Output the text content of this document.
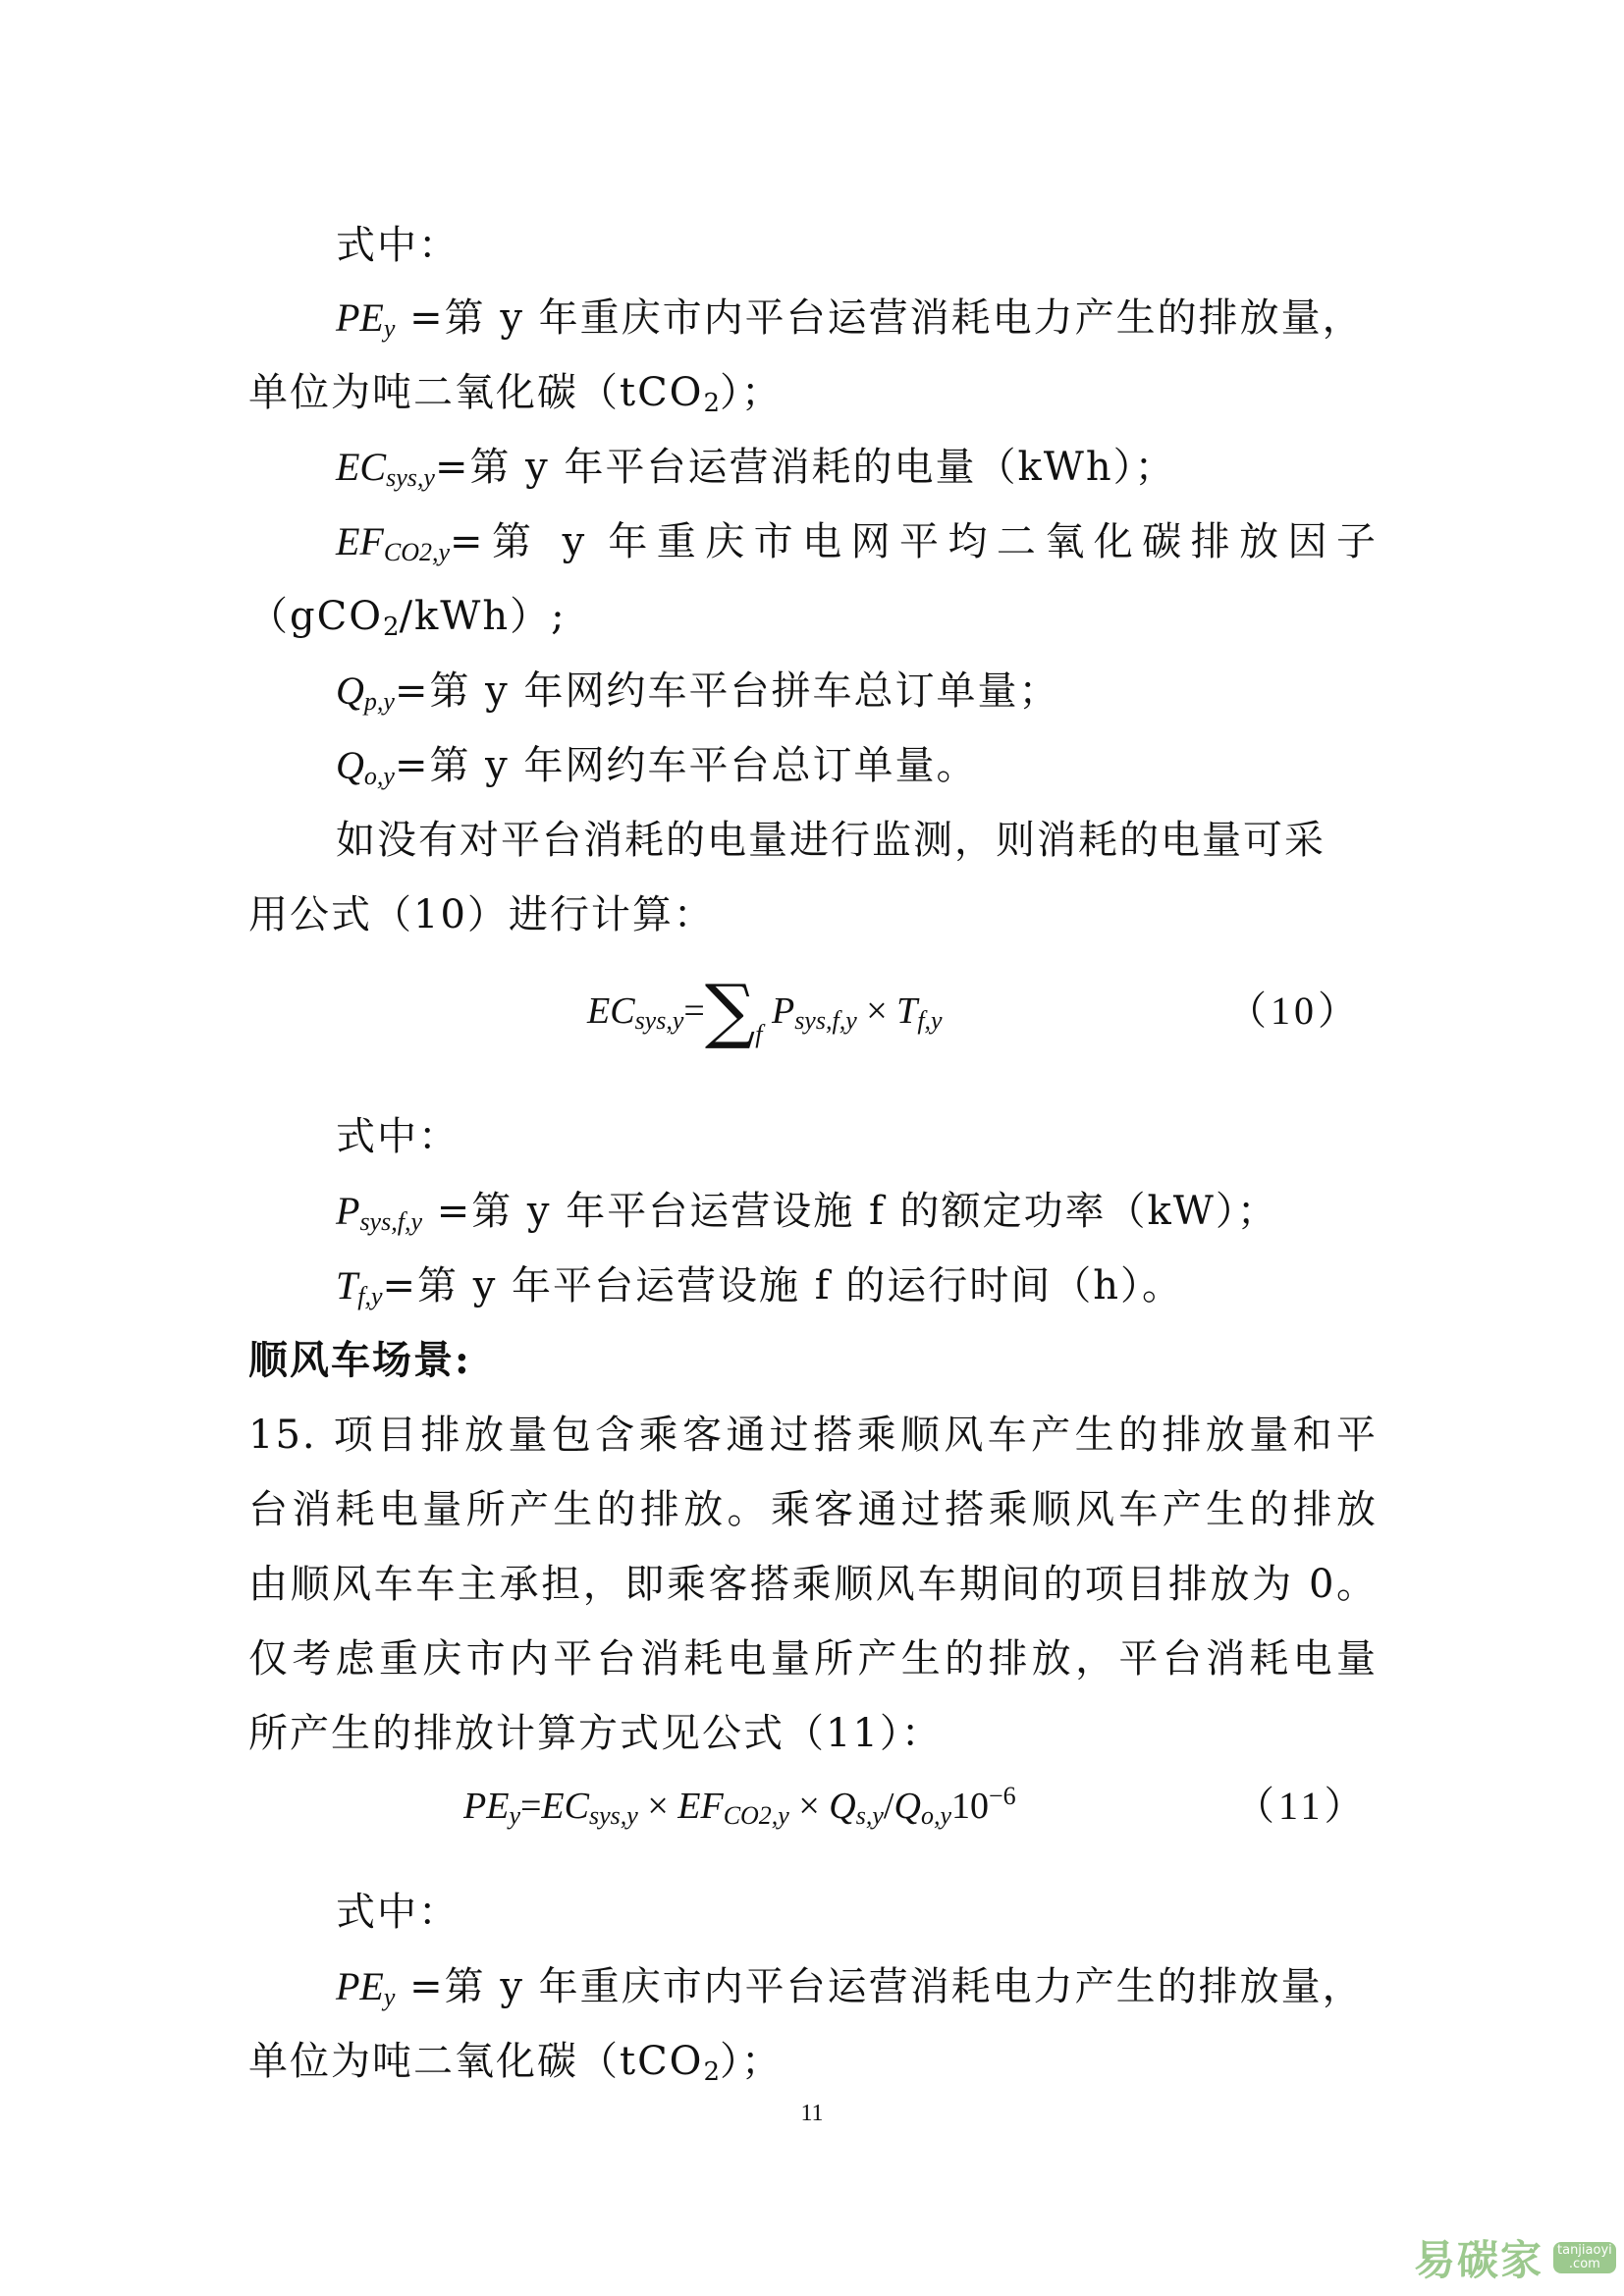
式中：
$PE_y$ =第 y 年重庆市内平台运营消耗电力产生的排放量，
单位为吨二氧化碳（tCO$_2$）；
$EC_{sys,y}=$第 y 年平台运营消耗的电量（kWh）；
$EF_{CO2,y}=$第 y 年重庆市电网平均二氧化碳排放因子
（gCO$_2$/kWh）;
$Q_{p,y}=$第 y 年网约车平台拼车总订单量；
$Q_{o,y}=$第 y 年网约车平台总订单量。
如没有对平台消耗的电量进行监测，则消耗的电量可采
用公式（10）进行计算：
$EC_{sys,y}=\sum_f$ $P_{sys,f,y} \times T_{f,y}$	（10）
式中：
$P_{sys,f,y}$ =第 y 年平台运营设施 f 的额定功率（kW）；
$T_{f,y}=$第 y 年平台运营设施 f 的运行时间（h）。
顺风车场景:
15. 项目排放量包含乘客通过搭乘顺风车产生的排放量和平
台消耗电量所产生的排放。乘客通过搭乘顺风车产生的排放
由顺风车车主承担，即乘客搭乘顺风车期间的项目排放为 0。
仅考虑重庆市内平台消耗电量所产生的排放，平台消耗电量
所产生的排放计算方式见公式（11）：
$PE_y=EC_{sys,y} \times EF_{CO2,y} \times Q_{s,y}/Q_{o,y}10^{-6}$	（11）
式中：
$PE_y$ =第 y 年重庆市内平台运营消耗电力产生的排放量，
单位为吨二氧化碳（tCO$_2$）；
11
易碳家	tanjiaoyi .com
